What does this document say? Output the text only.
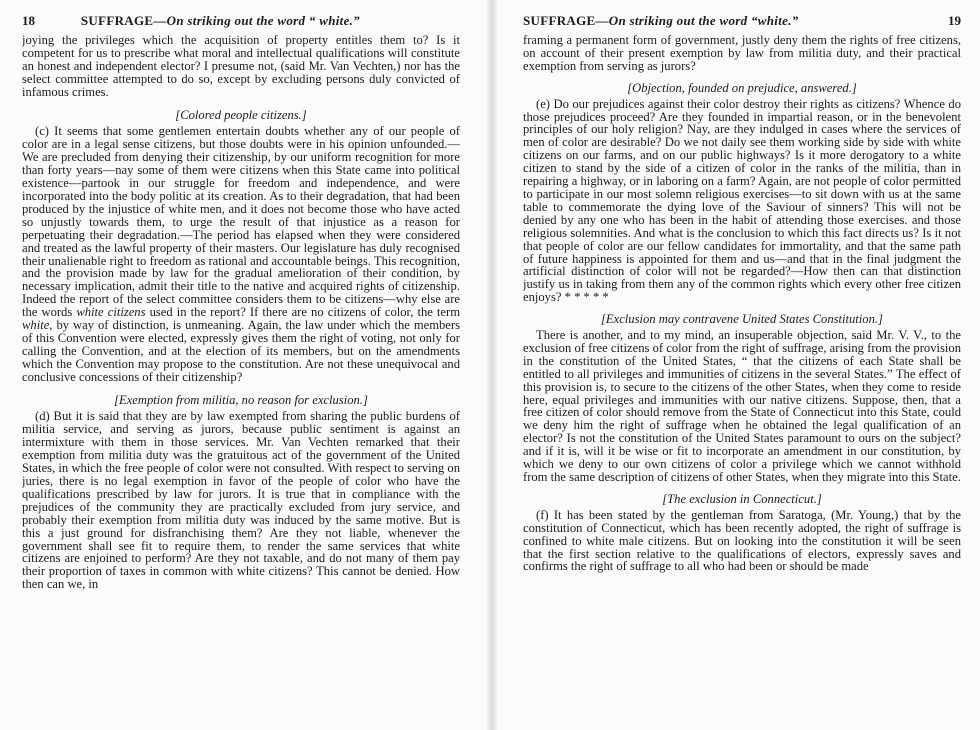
18	SUFFRAGE—On striking out the word “ white.”

joying the privileges which the acquisition of property entitles them to? Is it competent for us to prescribe what moral and intellectual qualifications will constitute an honest and independent elector? I presume not, (said Mr. Van Vechten,) nor has the select committee attempted to do so, except by excluding persons duly convicted of infamous crimes.

[Colored people citizens.]

(c) It seems that some gentlemen entertain doubts whether any of our people of color are in a legal sense citizens, but those doubts were in his opinion unfounded.—We are precluded from denying their citizenship, by our uniform recognition for more than forty years—nay some of them were citizens when this State came into political existence—partook in our struggle for freedom and independence, and were incorporated into the body politic at its creation. As to their degradation, that had been produced by the injustice of white men, and it does not become those who have acted so unjustly towards them, to urge the result of that injustice as a reason for perpetuating their degradation.—The period has elapsed when they were considered and treated as the lawful property of their masters. Our legislature has duly recognised their unalienable right to freedom as rational and accountable beings. This recognition, and the provision made by law for the gradual amelioration of their condition, by necessary implication, admit their title to the native and acquired rights of citizenship. Indeed the report of the select committee considers them to be citizens—why else are the words white citizens used in the report? If there are no citizens of color, the term white, by way of distinction, is unmeaning. Again, the law under which the members of this Convention were elected, expressly gives them the right of voting, not only for calling the Convention, and at the election of its members, but on the amendments which the Convention may propose to the constitution. Are not these unequivocal and conclusive concessions of their citizenship?

[Exemption from militia, no reason for exclusion.]

(d) But it is said that they are by law exempted from sharing the public burdens of militia service, and serving as jurors, because public sentiment is against an intermixture with them in those services. Mr. Van Vechten remarked that their exemption from militia duty was the gratuitous act of the government of the United States, in which the free people of color were not consulted. With respect to serving on juries, there is no legal exemption in favor of the people of color who have the qualifications prescribed by law for jurors. It is true that in compliance with the prejudices of the community they are practically excluded from jury service, and probably their exemption from militia duty was induced by the same motive. But is this a just ground for disfranchising them? Are they not liable, whenever the government shall see fit to require them, to render the same services that white citizens are enjoined to perform? Are they not taxable, and do not many of them pay their proportion of taxes in common with white citizens? This cannot be denied. How then can we, in

SUFFRAGE—On striking out the word “white.”	19

framing a permanent form of government, justly deny them the rights of free citizens, on account of their present exemption by law from militia duty, and their practical exemption from serving as jurors?

[Objection, founded on prejudice, answered.]

(e) Do our prejudices against their color destroy their rights as citizens? Whence do those prejudices proceed? Are they founded in impartial reason, or in the benevolent principles of our holy religion? Nay, are they indulged in cases where the services of men of color are desirable? Do we not daily see them working side by side with white citizens on our farms, and on our public highways? Is it more derogatory to a white citizen to stand by the side of a citizen of color in the ranks of the militia, than in repairing a highway, or in laboring on a farm? Again, are not people of color permitted to participate in our most solemn religious exercises—to sit down with us at the same table to commemorate the dying love of the Saviour of sinners? This will not be denied by any one who has been in the habit of attending those exercises. and those religious solemnities. And what is the conclusion to which this fact directs us? Is it not that people of color are our fellow candidates for immortality, and that the same path of future happiness is appointed for them and us—and that in the final judgment the artificial distinction of color will not be regarded?—How then can that distinction justify us in taking from them any of the common rights which every other free citizen enjoys? * * * * *

[Exclusion may contravene United States Constitution.]

There is another, and to my mind, an insuperable objection, said Mr. V. V., to the exclusion of free citizens of color from the right of suffrage, arising from the provision in the constitution of the United States, “ that the citizens of each State shall be entitled to all privileges and immunities of citizens in the several States.” The effect of this provision is, to secure to the citizens of the other States, when they come to reside here, equal privileges and immunities with our native citizens. Suppose, then, that a free citizen of color should remove from the State of Connecticut into this State, could we deny him the right of suffrage when he obtained the legal qualification of an elector? Is not the constitution of the United States paramount to ours on the subject? and if it is, will it be wise or fit to incorporate an amendment in our constitution, by which we deny to our own citizens of color a privilege which we cannot withhold from the same description of citizens of other States, when they migrate into this State.

[The exclusion in Connecticut.]

(f) It has been stated by the gentleman from Saratoga, (Mr. Young,) that by the constitution of Connecticut, which has been recently adopted, the right of suffrage is confined to white male citizens. But on looking into the constitution it will be seen that the first section relative to the qualifications of electors, expressly saves and confirms the right of suffrage to all who had been or should be made
